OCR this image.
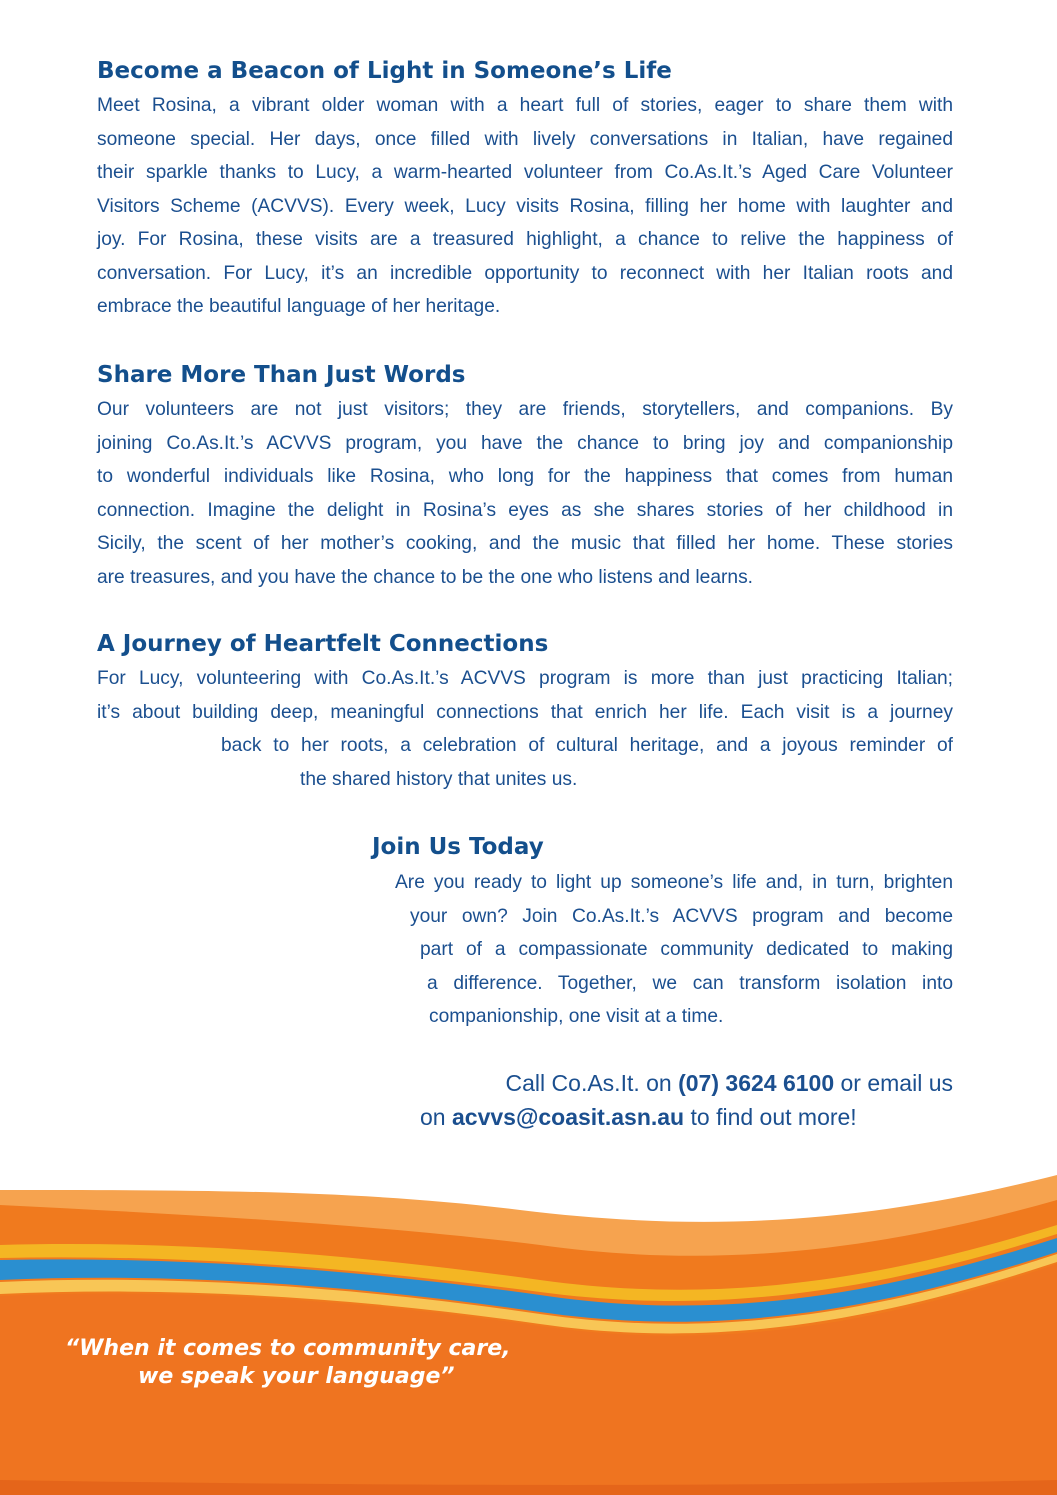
Become a Beacon of Light in Someone’s Life
Meet Rosina, a vibrant older woman with a heart full of stories, eager to share them with
someone special. Her days, once filled with lively conversations in Italian, have regained
their sparkle thanks to Lucy, a warm-hearted volunteer from Co.As.It.’s Aged Care Volunteer
Visitors Scheme (ACVVS). Every week, Lucy visits Rosina, filling her home with laughter and
joy. For Rosina, these visits are a treasured highlight, a chance to relive the happiness of
conversation. For Lucy, it’s an incredible opportunity to reconnect with her Italian roots and
embrace the beautiful language of her heritage.
Share More Than Just Words
Our volunteers are not just visitors; they are friends, storytellers, and companions. By
joining Co.As.It.’s ACVVS program, you have the chance to bring joy and companionship
to wonderful individuals like Rosina, who long for the happiness that comes from human
connection. Imagine the delight in Rosina’s eyes as she shares stories of her childhood in
Sicily, the scent of her mother’s cooking, and the music that filled her home. These stories
are treasures, and you have the chance to be the one who listens and learns.
A Journey of Heartfelt Connections
For Lucy, volunteering with Co.As.It.’s ACVVS program is more than just practicing Italian;
it’s about building deep, meaningful connections that enrich her life. Each visit is a journey
back to her roots, a celebration of cultural heritage, and a joyous reminder of
the shared history that unites us.
Join Us Today
Are you ready to light up someone’s life and, in turn, brighten
your own? Join Co.As.It.’s ACVVS program and become
part of a compassionate community dedicated to making
a difference. Together, we can transform isolation into
companionship, one visit at a time.
Call Co.As.It. on (07) 3624 6100 or email us
on acvvs@coasit.asn.au to find out more!
“When it comes to community care,
we speak your language”
